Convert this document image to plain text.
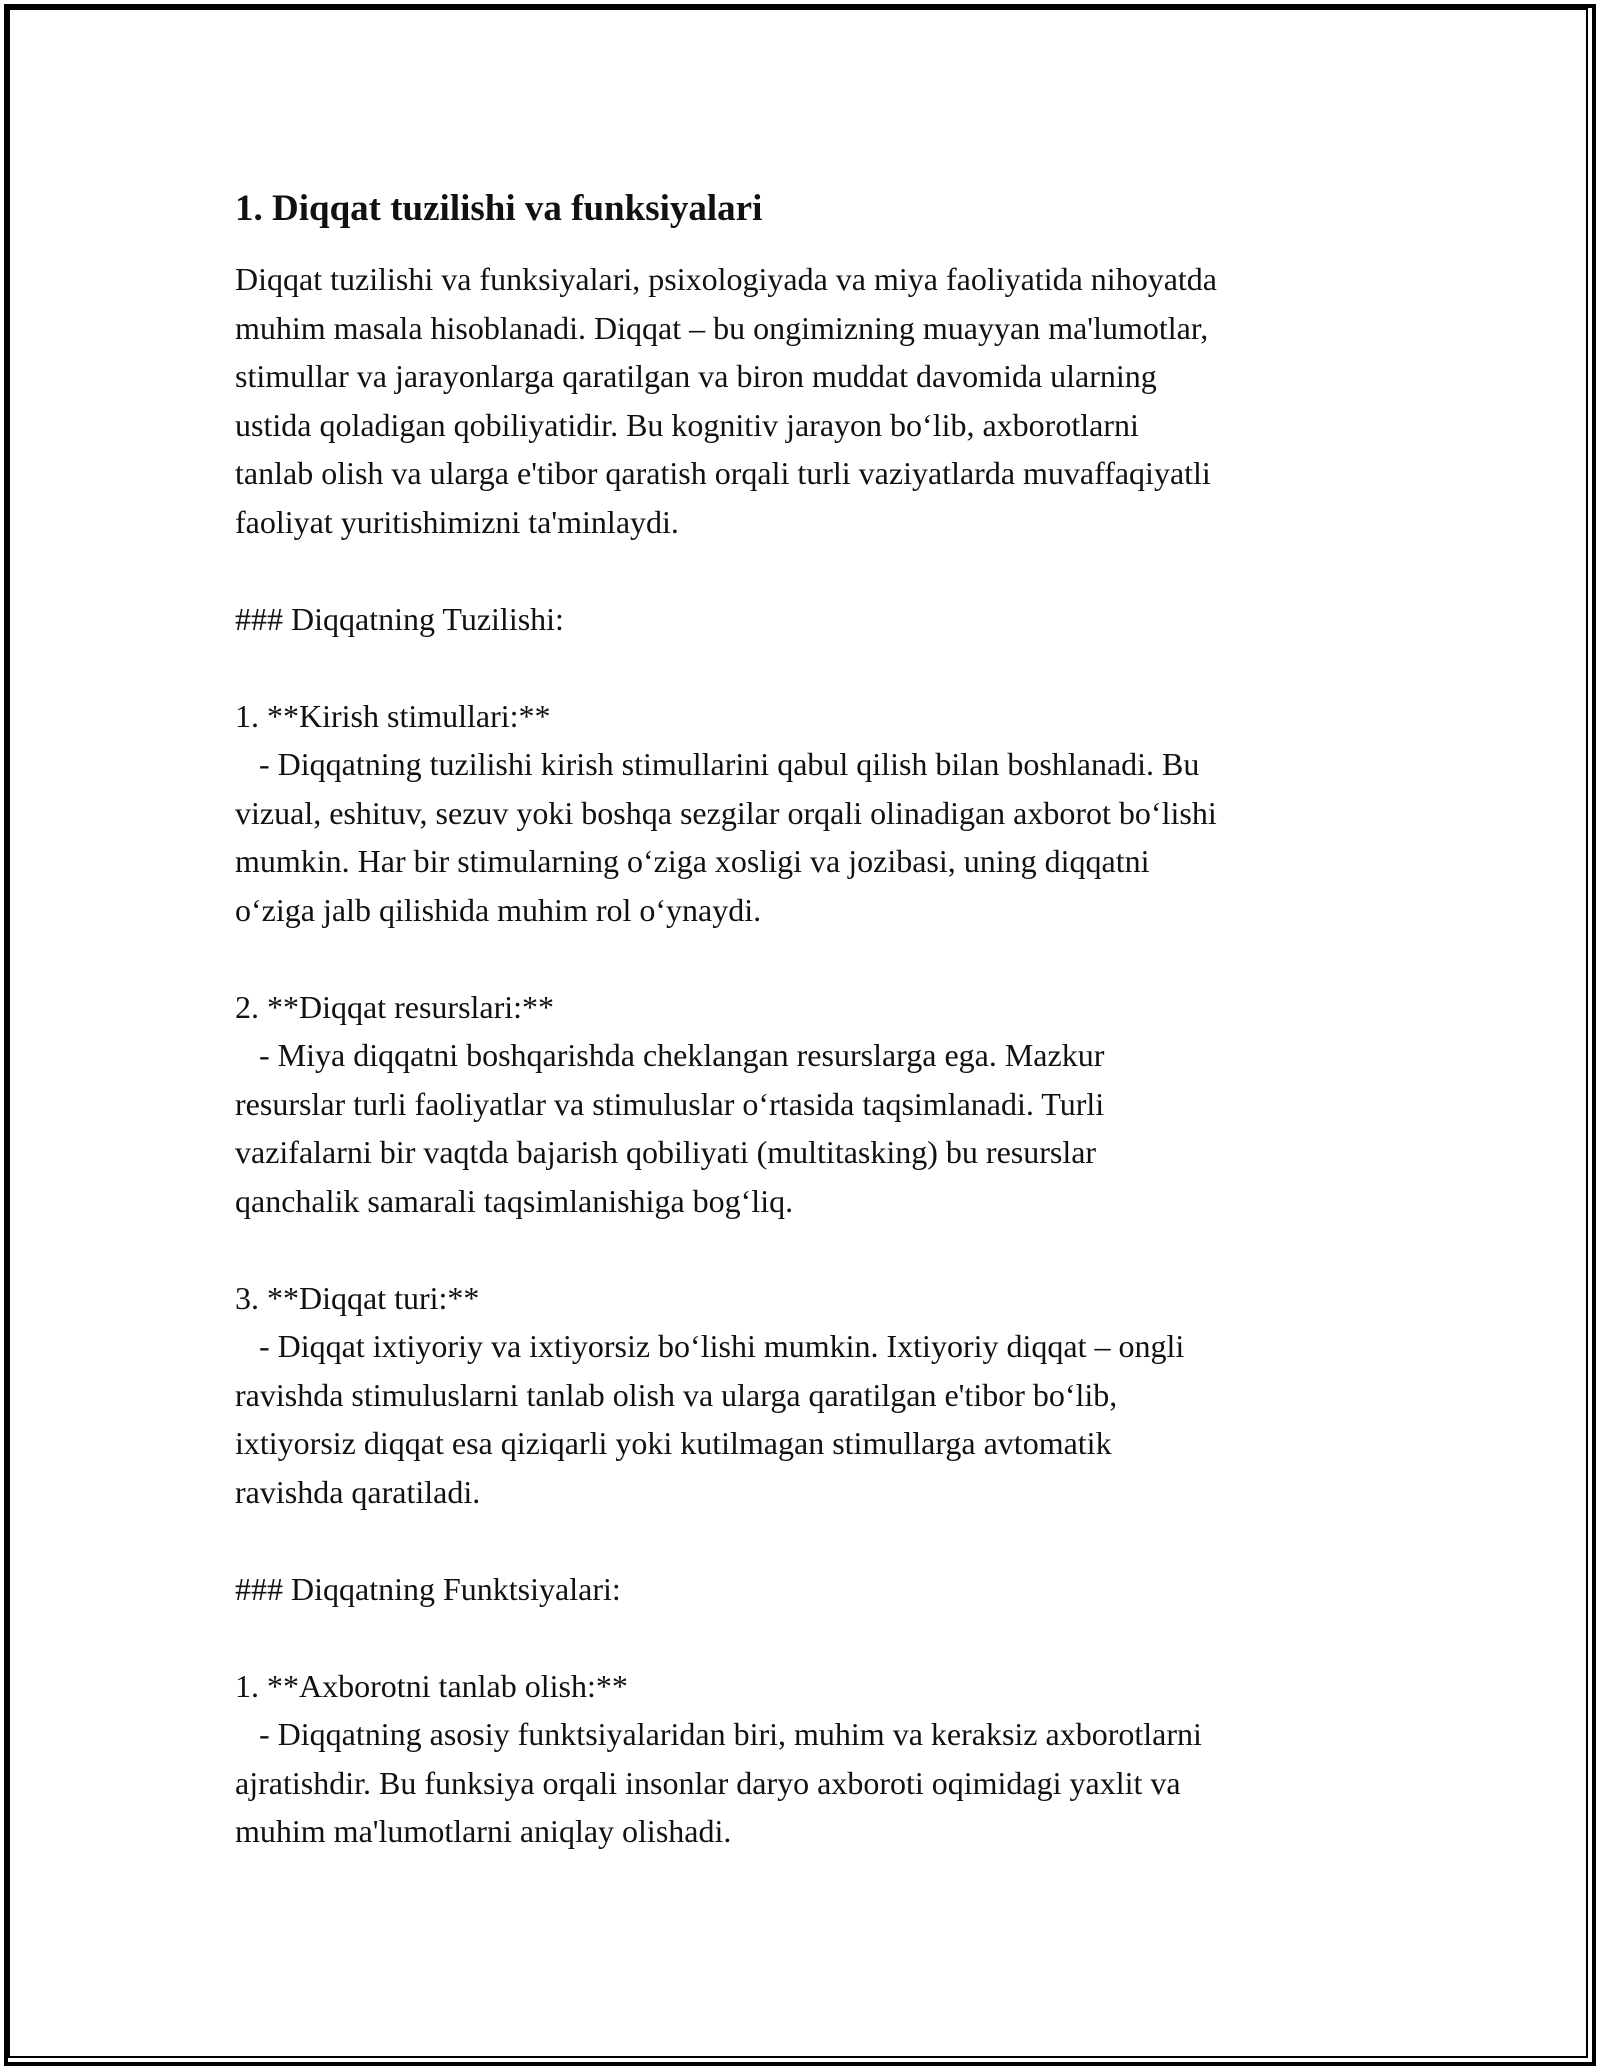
1. Diqqat tuzilishi va funksiyalari
Diqqat tuzilishi va funksiyalari, psixologiyada va miya faoliyatida nihoyatda
muhim masala hisoblanadi. Diqqat – bu ongimizning muayyan ma'lumotlar,
stimullar va jarayonlarga qaratilgan va biron muddat davomida ularning
ustida qoladigan qobiliyatidir. Bu kognitiv jarayon boʻlib, axborotlarni
tanlab olish va ularga e'tibor qaratish orqali turli vaziyatlarda muvaffaqiyatli
faoliyat yuritishimizni ta'minlaydi.
### Diqqatning Tuzilishi:
1. **Kirish stimullari:**
- Diqqatning tuzilishi kirish stimullarini qabul qilish bilan boshlanadi. Bu
vizual, eshituv, sezuv yoki boshqa sezgilar orqali olinadigan axborot boʻlishi
mumkin. Har bir stimularning oʻziga xosligi va jozibasi, uning diqqatni
oʻziga jalb qilishida muhim rol oʻynaydi.
2. **Diqqat resurslari:**
- Miya diqqatni boshqarishda cheklangan resurslarga ega. Mazkur
resurslar turli faoliyatlar va stimuluslar oʻrtasida taqsimlanadi. Turli
vazifalarni bir vaqtda bajarish qobiliyati (multitasking) bu resurslar
qanchalik samarali taqsimlanishiga bogʻliq.
3. **Diqqat turi:**
- Diqqat ixtiyoriy va ixtiyorsiz boʻlishi mumkin. Ixtiyoriy diqqat – ongli
ravishda stimuluslarni tanlab olish va ularga qaratilgan e'tibor boʻlib,
ixtiyorsiz diqqat esa qiziqarli yoki kutilmagan stimullarga avtomatik
ravishda qaratiladi.
### Diqqatning Funktsiyalari:
1. **Axborotni tanlab olish:**
- Diqqatning asosiy funktsiyalaridan biri, muhim va keraksiz axborotlarni
ajratishdir. Bu funksiya orqali insonlar daryo axboroti oqimidagi yaxlit va
muhim ma'lumotlarni aniqlay olishadi.
